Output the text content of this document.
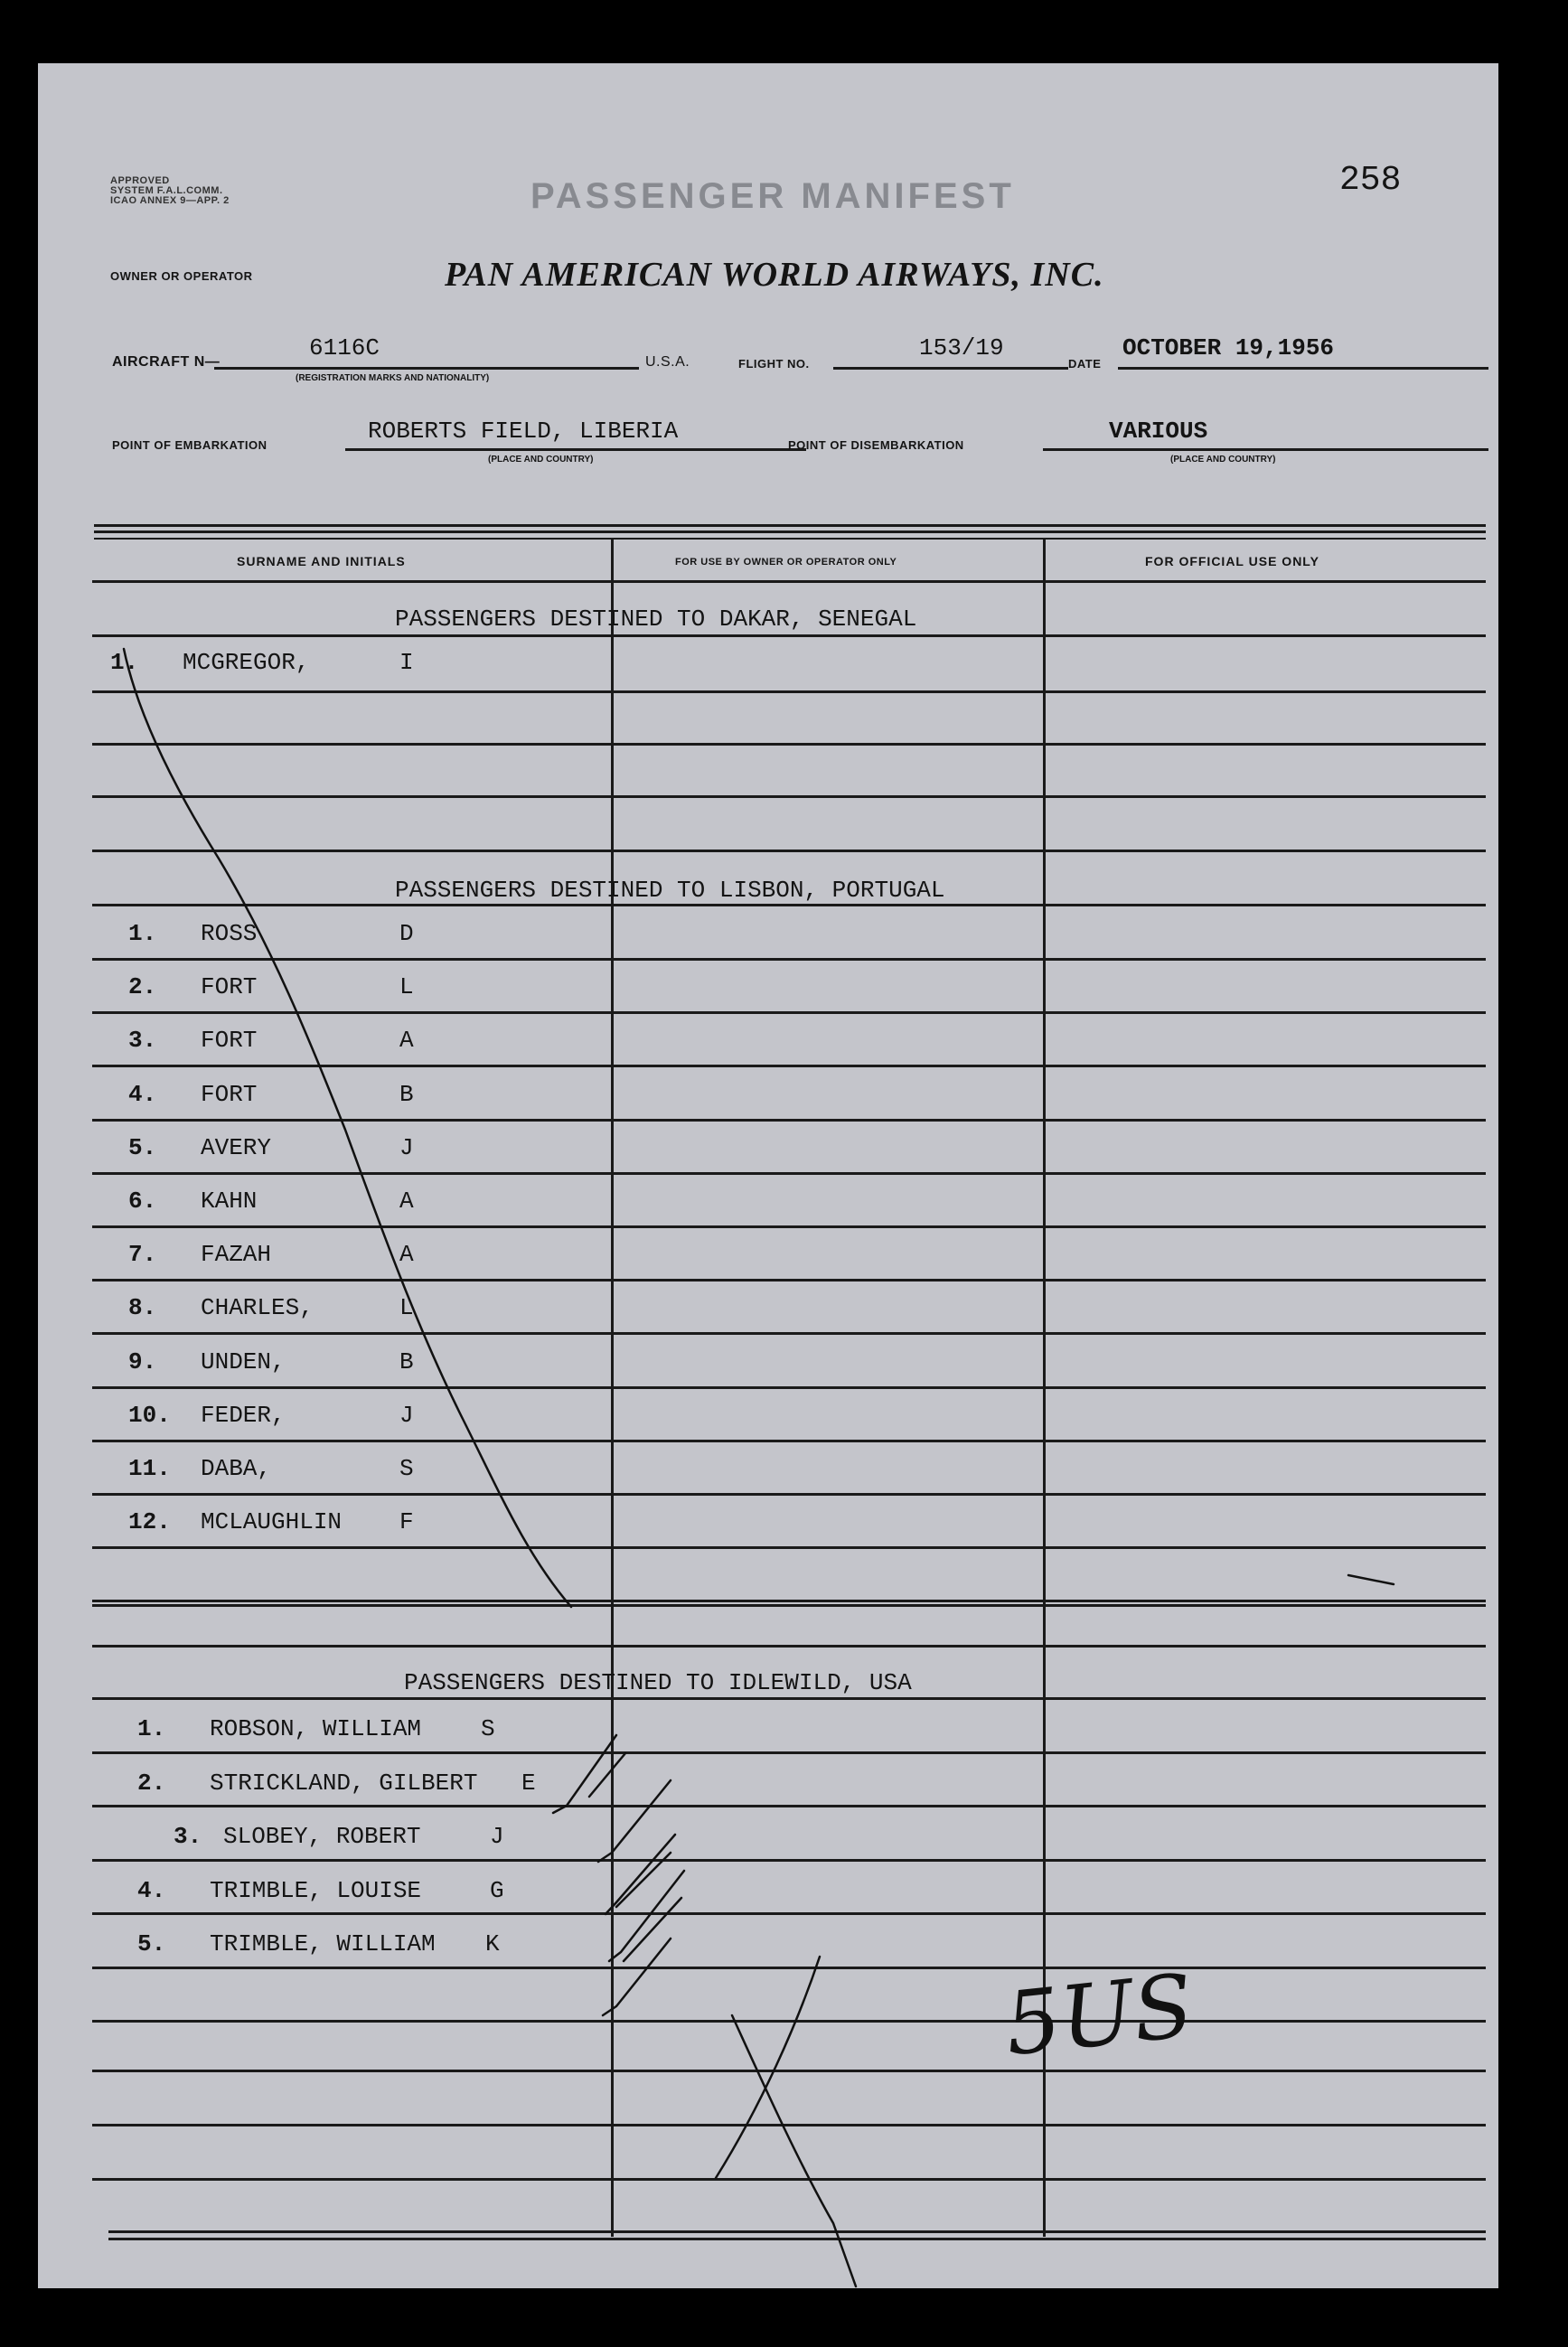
APPROVED
SYSTEM F.A.L.COMM.
ICAO ANNEX 9—APP. 2	PASSENGER MANIFEST	258
OWNER OR OPERATOR	PAN AMERICAN WORLD AIRWAYS, INC.
AIRCRAFT N—
6116C
(REGISTRATION MARKS AND NATIONALITY)
U.S.A.	FLIGHT NO.
153/19
DATE
OCTOBER 19,1956
POINT OF EMBARKATION
ROBERTS FIELD, LIBERIA
(PLACE AND COUNTRY)
POINT OF DISEMBARKATION
VARIOUS
(PLACE AND COUNTRY)
SURNAME AND INITIALS	FOR USE BY OWNER OR OPERATOR ONLY	FOR OFFICIAL USE ONLY
PASSENGERS DESTINED TO DAKAR, SENEGAL
PASSENGERS DESTINED TO LISBON, PORTUGAL
PASSENGERS DESTINED TO IDLEWILD, USA
1. MCGREGOR,	I
1. ROSS	D
2. FORT	L
3. FORT	A
4. FORT	B
5. AVERY	J
6. KAHN	A
7. FAZAH	A
8. CHARLES,	L
9. UNDEN,	B
10. FEDER,	J
11. DABA,	S
12. MCLAUGHLIN F
1. ROBSON, WILLIAM	S
2. STRICKLAND, GILBERT E
3. SLOBEY, ROBERT	J
4. TRIMBLE, LOUISE	G
5. TRIMBLE, WILLIAM K
5US
